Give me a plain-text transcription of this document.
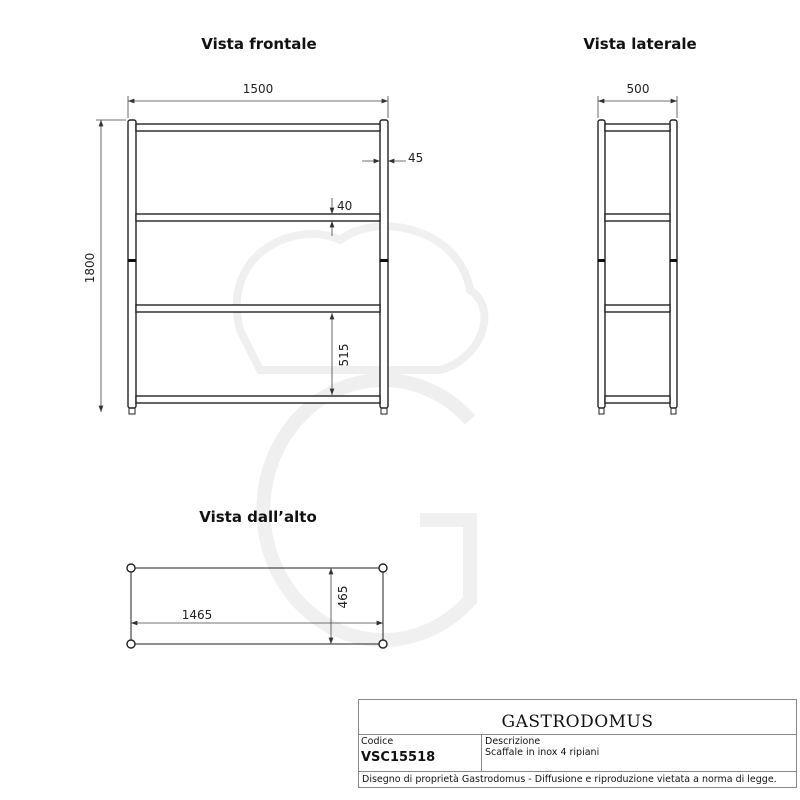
Vista frontale	Vista laterale
Vista dall’alto
1500
1800
45
40
515
500
1465
465
GASTRODOMUS
Codice
VSC15518
Descrizione
Scaffale in inox 4 ripiani
Disegno di proprietà Gastrodomus - Diffusione e riproduzione vietata a norma di legge.
